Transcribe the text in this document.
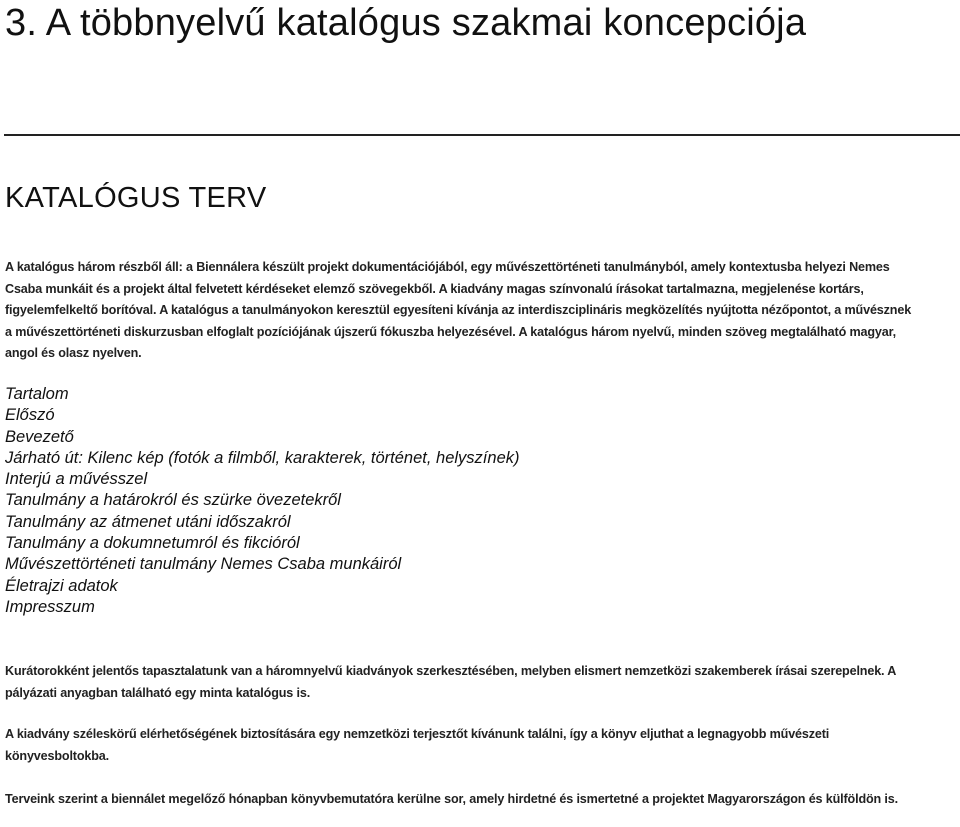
3. A többnyelvű katalógus szakmai koncepciója
KATALÓGUS TERV

A katalógus három részből áll: a Biennálera készült projekt dokumentációjából, egy művészettörténeti tanulmányból, amely kontextusba helyezi Nemes Csaba munkáit és a projekt által felvetett kérdéseket elemző szövegekből. A kiadvány magas színvonalú írásokat tartalmazna, megjelenése kortárs, figyelemfelkeltő borítóval. A katalógus a tanulmányokon keresztül egyesíteni kívánja az interdiszciplináris megközelítés nyújtotta nézőpontot, a művésznek a művészettörténeti diskurzusban elfoglalt pozíciójának újszerű fókuszba helyezésével. A katalógus három nyelvű, minden szöveg megtalálható magyar, angol és olasz nyelven.

Tartalom
Előszó
Bevezető
Járható út: Kilenc kép (fotók a filmből, karakterek, történet, helyszínek)
Interjú a művésszel
Tanulmány a határokról és szürke övezetekről
Tanulmány az átmenet utáni időszakról
Tanulmány a dokumnetumról és fikcióról
Művészettörténeti tanulmány Nemes Csaba munkáiról
Életrajzi adatok
Impresszum

Kurátorokként jelentős tapasztalatunk van a háromnyelvű kiadványok szerkesztésében, melyben elismert nemzetközi szakemberek írásai szerepelnek. A pályázati anyagban található egy minta katalógus is.

A kiadvány széleskörű elérhetőségének biztosítására egy nemzetközi terjesztőt kívánunk találni, így a könyv eljuthat a legnagyobb művészeti könyvesboltokba.

Terveink szerint a biennálet megelőző hónapban könyvbemutatóra kerülne sor, amely hirdetné és ismertetné a projektet Magyarországon és külföldön is.
